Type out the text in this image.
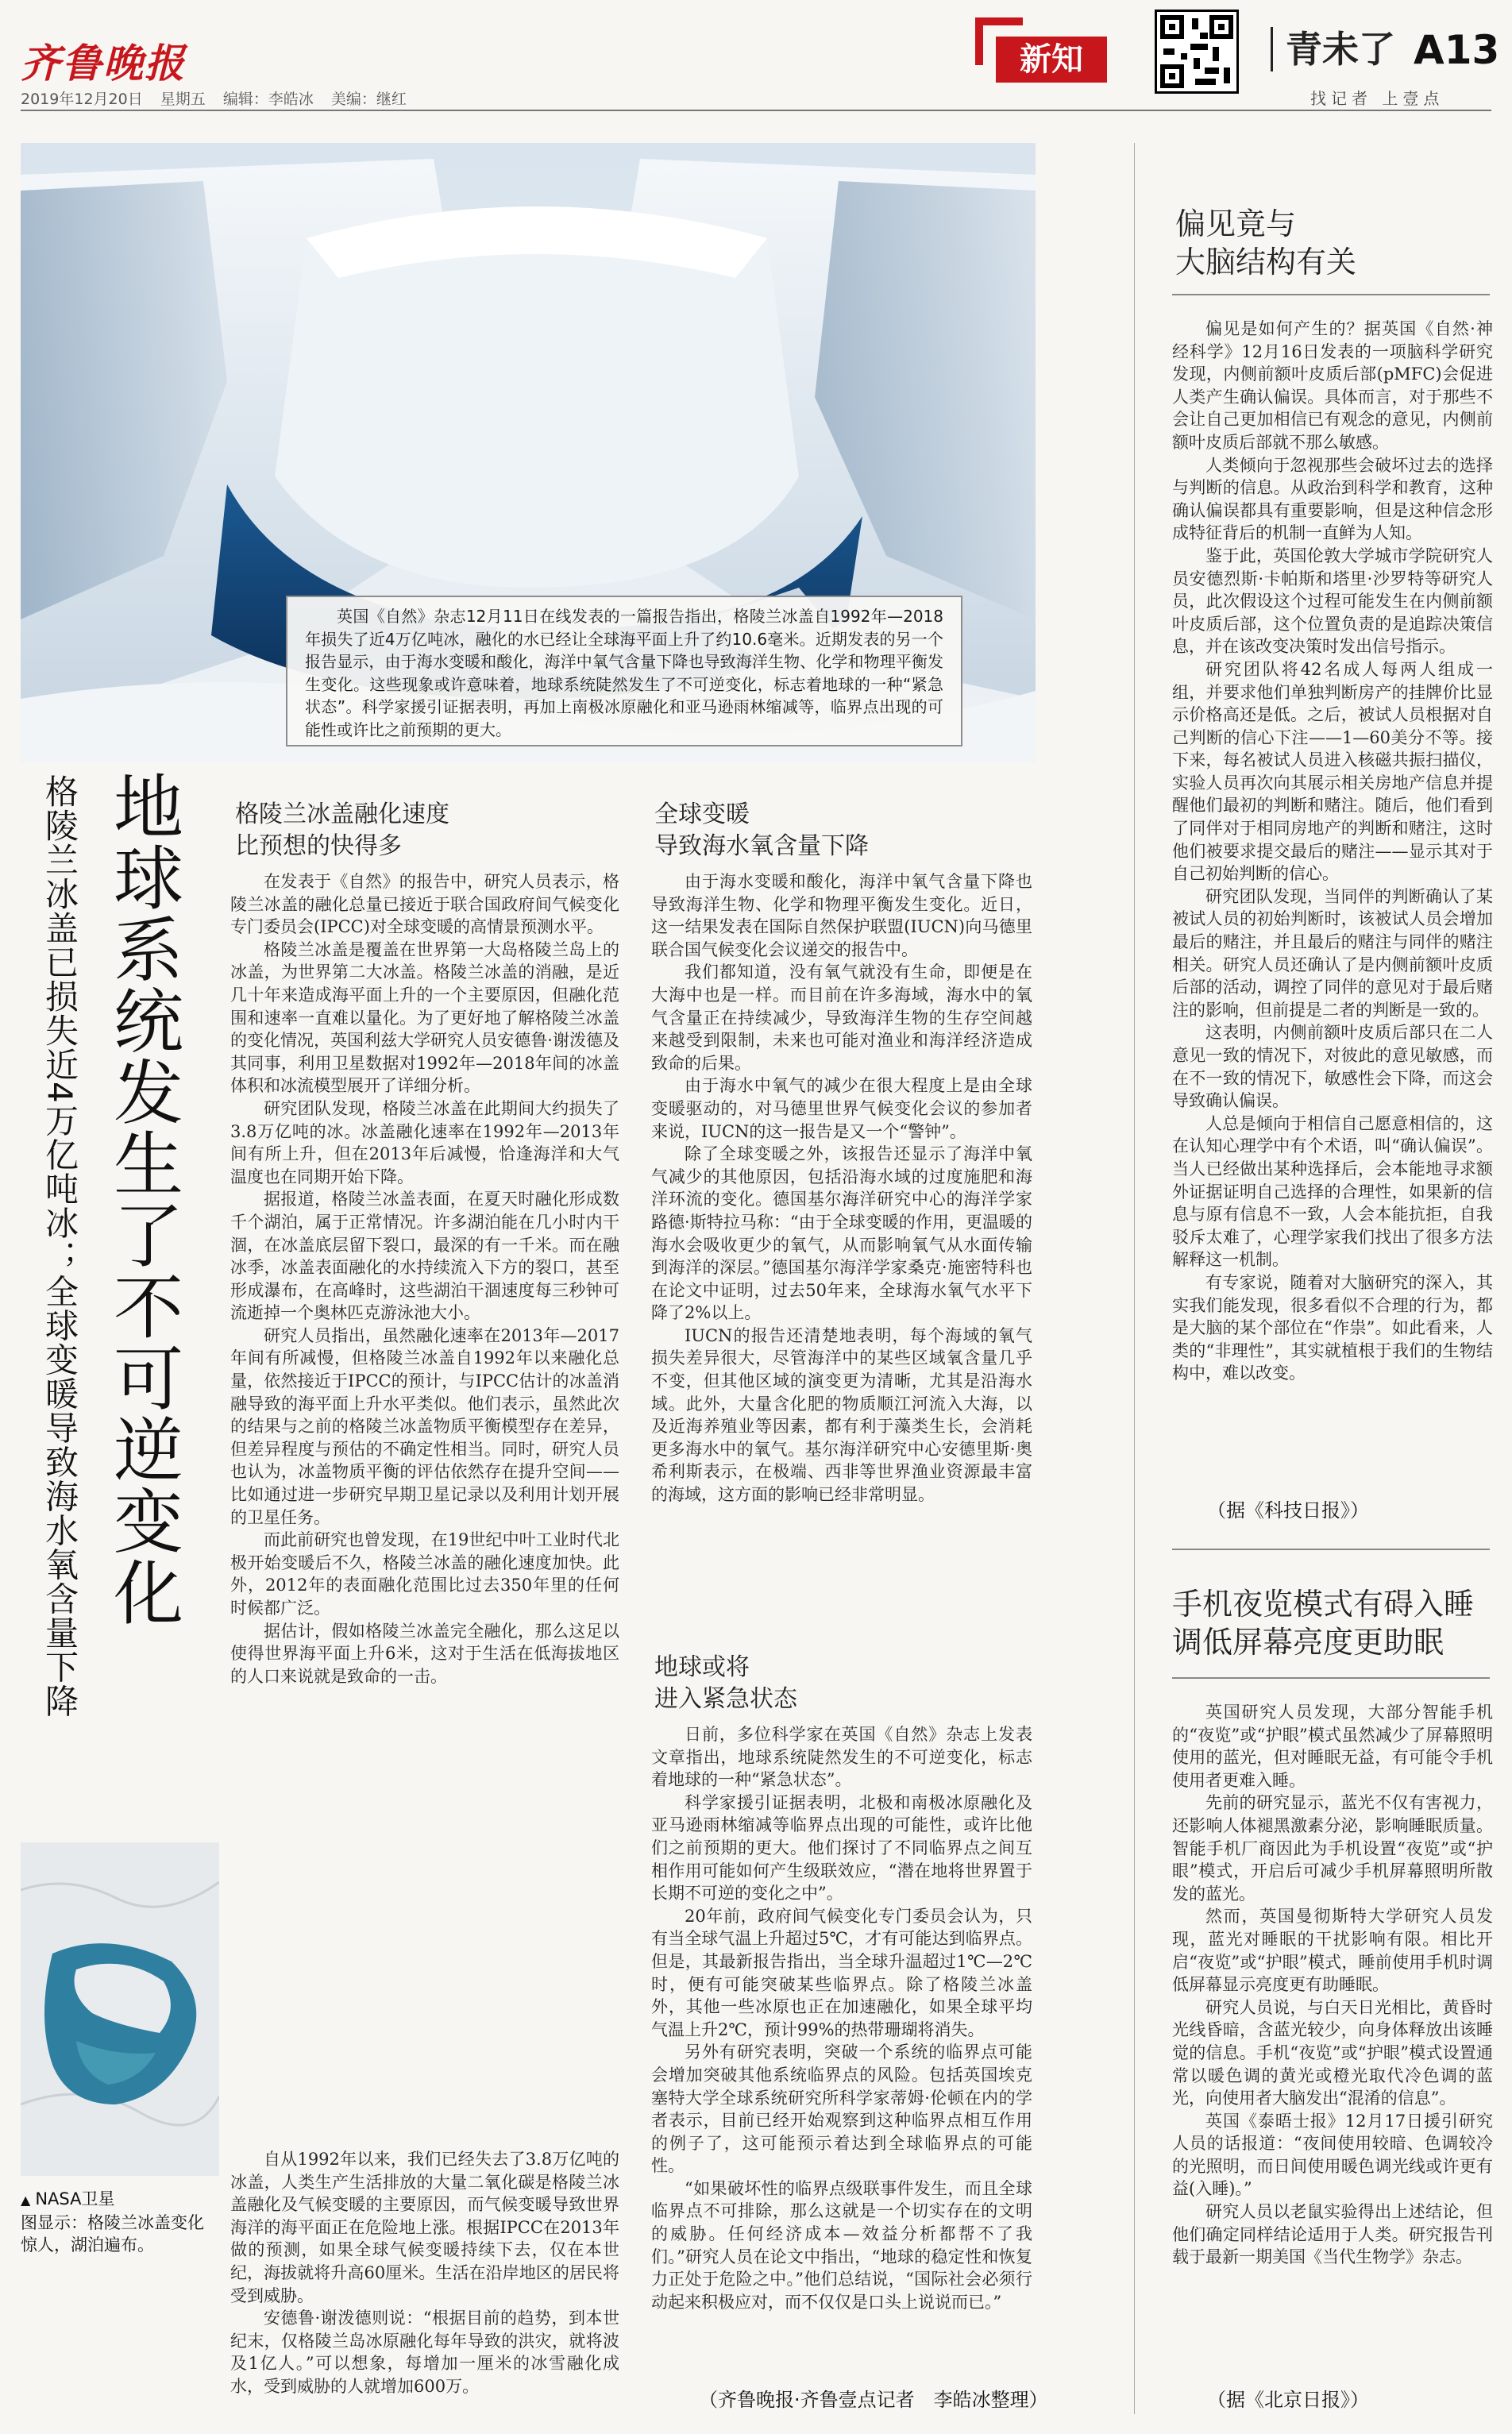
齐鲁晚报
2019年12月20日 星期五 编辑：李皓冰 美编：继红
新知	青未了 A13
找记者 上壹点
英国《自然》杂志12月11日在线发表的一篇报告指出，格陵兰冰盖自1992年—2018年损失了近4万亿吨冰，融化的水已经让全球海平面上升了约10.6毫米。近期发表的另一个报告显示，由于海水变暖和酸化，海洋中氧气含量下降也导致海洋生物、化学和物理平衡发生变化。这些现象或许意味着，地球系统陡然发生了不可逆变化，标志着地球的一种“紧急状态”。科学家援引证据表明，再加上南极冰原融化和亚马逊雨林缩减等，临界点出现的可能性或许比之前预期的更大。
地球系统发生了不可逆变化
格陵兰冰盖已损失近4万亿吨冰；全球变暖导致海水氧含量下降	格陵兰冰盖融化速度
比预想的快得多

在发表于《自然》的报告中，研究人员表示，格陵兰冰盖的融化总量已接近于联合国政府间气候变化专门委员会(IPCC)对全球变暖的高情景预测水平。

格陵兰冰盖是覆盖在世界第一大岛格陵兰岛上的冰盖，为世界第二大冰盖。格陵兰冰盖的消融，是近几十年来造成海平面上升的一个主要原因，但融化范围和速率一直难以量化。为了更好地了解格陵兰冰盖的变化情况，英国利兹大学研究人员安德鲁·谢泼德及其同事，利用卫星数据对1992年—2018年间的冰盖体积和冰流模型展开了详细分析。

研究团队发现，格陵兰冰盖在此期间大约损失了3.8万亿吨的冰。冰盖融化速率在1992年—2013年间有所上升，但在2013年后减慢，恰逢海洋和大气温度也在同期开始下降。

据报道，格陵兰冰盖表面，在夏天时融化形成数千个湖泊，属于正常情况。许多湖泊能在几小时内干涸，在冰盖底层留下裂口，最深的有一千米。而在融冰季，冰盖表面融化的水持续流入下方的裂口，甚至形成瀑布，在高峰时，这些湖泊干涸速度每三秒钟可流逝掉一个奥林匹克游泳池大小。

研究人员指出，虽然融化速率在2013年—2017年间有所减慢，但格陵兰冰盖自1992年以来融化总量，依然接近于IPCC的预计，与IPCC估计的冰盖消融导致的海平面上升水平类似。他们表示，虽然此次的结果与之前的格陵兰冰盖物质平衡模型存在差异，但差异程度与预估的不确定性相当。同时，研究人员也认为，冰盖物质平衡的评估依然存在提升空间——比如通过进一步研究早期卫星记录以及利用计划开展的卫星任务。

而此前研究也曾发现，在19世纪中叶工业时代北极开始变暖后不久，格陵兰冰盖的融化速度加快。此外，2012年的表面融化范围比过去350年里的任何时候都广泛。

据估计，假如格陵兰冰盖完全融化，那么这足以使得世界海平面上升6米，这对于生活在低海拔地区的人口来说就是致命的一击。

▲ NASA卫星
图显示：格陵兰冰盖变化惊人，湖泊遍布。

自从1992年以来，我们已经失去了3.8万亿吨的冰盖，人类生产生活排放的大量二氧化碳是格陵兰冰盖融化及气候变暖的主要原因，而气候变暖导致世界海洋的海平面正在危险地上涨。根据IPCC在2013年做的预测，如果全球气候变暖持续下去，仅在本世纪，海拔就将升高60厘米。生活在沿岸地区的居民将受到威胁。

安德鲁·谢泼德则说：“根据目前的趋势，到本世纪末，仅格陵兰岛冰原融化每年导致的洪灾，就将波及1亿人。”可以想象，每增加一厘米的冰雪融化成水，受到威胁的人就增加600万。

全球变暖
导致海水氧含量下降

由于海水变暖和酸化，海洋中氧气含量下降也导致海洋生物、化学和物理平衡发生变化。近日，这一结果发表在国际自然保护联盟(IUCN)向马德里联合国气候变化会议递交的报告中。

我们都知道，没有氧气就没有生命，即便是在大海中也是一样。而目前在许多海域，海水中的氧气含量正在持续减少，导致海洋生物的生存空间越来越受到限制，未来也可能对渔业和海洋经济造成致命的后果。

由于海水中氧气的减少在很大程度上是由全球变暖驱动的，对马德里世界气候变化会议的参加者来说，IUCN的这一报告是又一个“警钟”。

除了全球变暖之外，该报告还显示了海洋中氧气减少的其他原因，包括沿海水域的过度施肥和海洋环流的变化。德国基尔海洋研究中心的海洋学家路德·斯特拉马称：“由于全球变暖的作用，更温暖的海水会吸收更少的氧气，从而影响氧气从水面传输到海洋的深层。”德国基尔海洋学家桑克·施密特科也在论文中证明，过去50年来，全球海水氧气水平下降了2%以上。

IUCN的报告还清楚地表明，每个海域的氧气损失差异很大，尽管海洋中的某些区域氧含量几乎不变，但其他区域的演变更为清晰，尤其是沿海水域。此外，大量含化肥的物质顺江河流入大海，以及近海养殖业等因素，都有利于藻类生长，会消耗更多海水中的氧气。基尔海洋研究中心安德里斯·奥希利斯表示，在极端、西非等世界渔业资源最丰富的海域，这方面的影响已经非常明显。

地球或将
进入紧急状态

日前，多位科学家在英国《自然》杂志上发表文章指出，地球系统陡然发生的不可逆变化，标志着地球的一种“紧急状态”。

科学家援引证据表明，北极和南极冰原融化及亚马逊雨林缩减等临界点出现的可能性，或许比他们之前预期的更大。他们探讨了不同临界点之间互相作用可能如何产生级联效应，“潜在地将世界置于长期不可逆的变化之中”。

20年前，政府间气候变化专门委员会认为，只有当全球气温上升超过5℃，才有可能达到临界点。但是，其最新报告指出，当全球升温超过1℃—2℃时，便有可能突破某些临界点。除了格陵兰冰盖外，其他一些冰原也正在加速融化，如果全球平均气温上升2℃，预计99%的热带珊瑚将消失。

另外有研究表明，突破一个系统的临界点可能会增加突破其他系统临界点的风险。包括英国埃克塞特大学全球系统研究所科学家蒂姆·伦顿在内的学者表示，目前已经开始观察到这种临界点相互作用的例子了，这可能预示着达到全球临界点的可能性。

“如果破坏性的临界点级联事件发生，而且全球临界点不可排除，那么这就是一个切实存在的文明的威胁。任何经济成本—效益分析都帮不了我们。”研究人员在论文中指出，“地球的稳定性和恢复力正处于危险之中。”他们总结说，“国际社会必须行动起来积极应对，而不仅仅是口头上说说而已。”

（齐鲁晚报·齐鲁壹点记者　李皓冰整理）
偏见竟与
大脑结构有关

偏见是如何产生的？据英国《自然·神经科学》12月16日发表的一项脑科学研究发现，内侧前额叶皮质后部(pMFC)会促进人类产生确认偏误。具体而言，对于那些不会让自己更加相信已有观念的意见，内侧前额叶皮质后部就不那么敏感。

人类倾向于忽视那些会破坏过去的选择与判断的信息。从政治到科学和教育，这种确认偏误都具有重要影响，但是这种信念形成特征背后的机制一直鲜为人知。

鉴于此，英国伦敦大学城市学院研究人员安德烈斯·卡帕斯和塔里·沙罗特等研究人员，此次假设这个过程可能发生在内侧前额叶皮质后部，这个位置负责的是追踪决策信息，并在该改变决策时发出信号指示。

研究团队将42名成人每两人组成一组，并要求他们单独判断房产的挂牌价比显示价格高还是低。之后，被试人员根据对自己判断的信心下注——1—60美分不等。接下来，每名被试人员进入核磁共振扫描仪，实验人员再次向其展示相关房地产信息并提醒他们最初的判断和赌注。随后，他们看到了同伴对于相同房地产的判断和赌注，这时他们被要求提交最后的赌注——显示其对于自己初始判断的信心。

研究团队发现，当同伴的判断确认了某被试人员的初始判断时，该被试人员会增加最后的赌注，并且最后的赌注与同伴的赌注相关。研究人员还确认了是内侧前额叶皮质后部的活动，调控了同伴的意见对于最后赌注的影响，但前提是二者的判断是一致的。

这表明，内侧前额叶皮质后部只在二人意见一致的情况下，对彼此的意见敏感，而在不一致的情况下，敏感性会下降，而这会导致确认偏误。

人总是倾向于相信自己愿意相信的，这在认知心理学中有个术语，叫“确认偏误”。当人已经做出某种选择后，会本能地寻求额外证据证明自己选择的合理性，如果新的信息与原有信息不一致，人会本能抗拒，自我驳斥太难了，心理学家我们找出了很多方法解释这一机制。

有专家说，随着对大脑研究的深入，其实我们能发现，很多看似不合理的行为，都是大脑的某个部位在“作祟”。如此看来，人类的“非理性”，其实就植根于我们的生物结构中，难以改变。

（据《科技日报》）
手机夜览模式有碍入睡
调低屏幕亮度更助眠

英国研究人员发现，大部分智能手机的“夜览”或“护眼”模式虽然减少了屏幕照明使用的蓝光，但对睡眠无益，有可能令手机使用者更难入睡。

先前的研究显示，蓝光不仅有害视力，还影响人体褪黑激素分泌，影响睡眠质量。智能手机厂商因此为手机设置“夜览”或“护眼”模式，开启后可减少手机屏幕照明所散发的蓝光。

然而，英国曼彻斯特大学研究人员发现，蓝光对睡眠的干扰影响有限。相比开启“夜览”或“护眼”模式，睡前使用手机时调低屏幕显示亮度更有助睡眠。

研究人员说，与白天日光相比，黄昏时光线昏暗，含蓝光较少，向身体释放出该睡觉的信息。手机“夜览”或“护眼”模式设置通常以暖色调的黄光或橙光取代冷色调的蓝光，向使用者大脑发出“混淆的信息”。

英国《泰晤士报》12月17日援引研究人员的话报道：“夜间使用较暗、色调较冷的光照明，而日间使用暖色调光线或许更有益(入睡)。”

研究人员以老鼠实验得出上述结论，但他们确定同样结论适用于人类。研究报告刊载于最新一期美国《当代生物学》杂志。

（据《北京日报》）
